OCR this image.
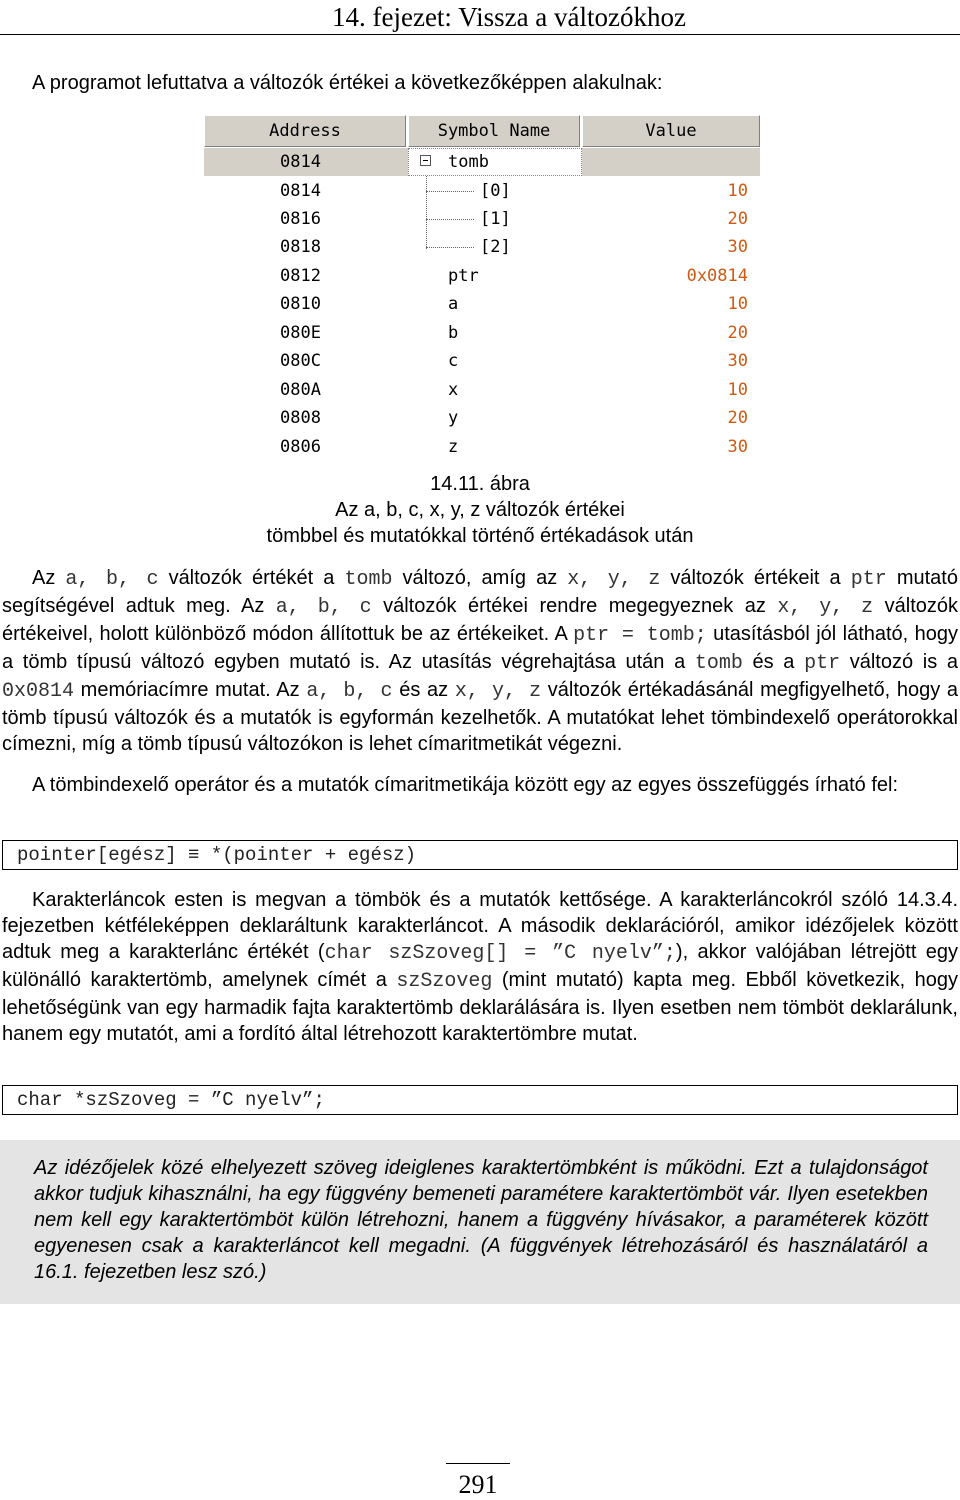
14. fejezet: Vissza a változókhoz
A programot lefuttatva a változók értékei a következőképpen alakulnak:
Address	Symbol Name	Value
0814	tomb
0814	[0]	10
0816	[1]	20
0818	[2]	30
0812	ptr	0x0814
0810	a	10
080E	b	20
080C	c	30
080A	x	10
0808	y	20
0806	z	30
14.11. ábra
Az a, b, c, x, y, z változók értékei
tömbbel és mutatókkal történő értékadások után
Az a, b, c változók értékét a tomb változó, amíg az x, y, z változók értékeit a ptr mutató segítségével adtuk meg. Az a, b, c változók értékei rendre megegyeznek az x, y, z változók értékeivel, holott különböző módon állítottuk be az értékeiket. A ptr = tomb; utasításból jól látható, hogy a tömb típusú változó egyben mutató is. Az utasítás végrehajtása után a tomb és a ptr változó is a 0x0814 memóriacímre mutat. Az a, b, c és az x, y, z változók értékadásánál megfigyelhető, hogy a tömb típusú változók és a mutatók is egyformán kezelhetők. A mutatókat lehet tömbindexelő operátorokkal címezni, míg a tömb típusú változókon is lehet címaritmetikát végezni.
A tömbindexelő operátor és a mutatók címaritmetikája között egy az egyes összefüggés írható fel:
pointer[egész] ≡ *(pointer + egész)
Karakterláncok esten is megvan a tömbök és a mutatók kettősége. A karakterláncokról szóló 14.3.4. fejezetben kétféleképpen deklaráltunk karakterláncot. A második deklarációról, amikor idézőjelek között adtuk meg a karakterlánc értékét (char szSzoveg[] = ”C nyelv”;), akkor valójában létrejött egy különálló karaktertömb, amelynek címét a szSzoveg (mint mutató) kapta meg. Ebből következik, hogy lehetőségünk van egy harmadik fajta karaktertömb deklarálására is. Ilyen esetben nem tömböt deklarálunk, hanem egy mutatót, ami a fordító által létrehozott karaktertömbre mutat.
char *szSzoveg = ”C nyelv”;
Az idézőjelek közé elhelyezett szöveg ideiglenes karaktertömbként is működni. Ezt a tulajdonságot akkor tudjuk kihasználni, ha egy függvény bemeneti paramétere karaktertömböt vár. Ilyen esetekben nem kell egy karaktertömböt külön létrehozni, hanem a függvény hívásakor, a paraméterek között egyenesen csak a karakterláncot kell megadni. (A függvények létrehozásáról és használatáról a 16.1. fejezetben lesz szó.)
291
